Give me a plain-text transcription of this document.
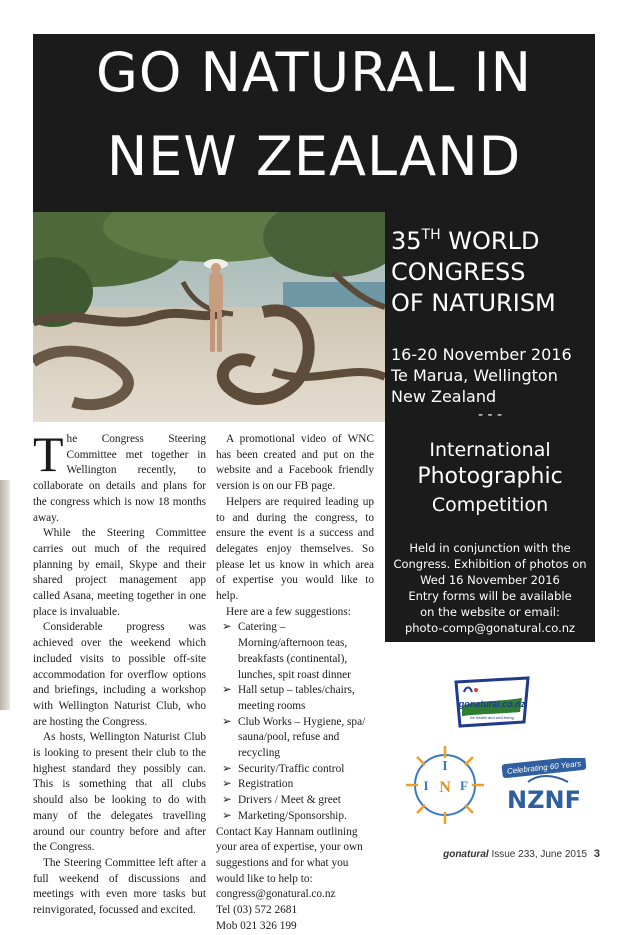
GO NATURAL IN
NEW ZEALAND
35TH WORLD
CONGRESS
OF NATURISM
16-20 November 2016
Te Marua, Wellington
New Zealand
- - -
International
Photographic
Competition
Held in conjunction with the
Congress. Exhibition of photos on
Wed 16 November 2016
Entry forms will be available
on the website or email:
photo-comp@gonatural.co.nz

The Congress Steering Committee met together in Wellington recently, to collaborate on details and plans for the congress which is now 18 months away.

While the Steering Committee carries out much of the required planning by email, Skype and their shared project management app called Asana, meeting together in one place is invaluable.

Considerable progress was achieved over the weekend which included visits to possible off-site accommodation for overflow options and briefings, including a workshop with Wellington Naturist Club, who are hosting the Congress.

As hosts, Wellington Naturist Club is looking to present their club to the highest standard they possibly can. This is something that all clubs should also be looking to do with many of the delegates travelling around our country before and after the Congress.

The Steering Committee left after a full weekend of discussions and meetings with even more tasks but reinvigorated, focussed and excited.

A promotional video of WNC has been created and put on the website and a Facebook friendly version is on our FB page.

Helpers are required leading up to and during the congress, to ensure the event is a success and delegates enjoy themselves. So please let us know in which area of expertise you would like to help.

Here are a few suggestions:

➢ Catering – Morning/afternoon teas, breakfasts (continental), lunches, spit roast dinner
➢ Hall setup – tables/chairs, meeting rooms
➢ Club Works – Hygiene, spa/ sauna/pool, refuse and recycling
➢ Security/Traffic control
➢ Registration
➢ Drivers / Meet & greet
➢ Marketing/Sponsorship.

Contact Kay Hannam outlining your area of expertise, your own suggestions and for what you would like to help to:

congress@gonatural.co.nz

Tel (03) 572 2681

Mob 021 326 199

gonatural.co.nz
for health and well-being
I
N F
I
Celebrating 60 Years
NZNF
gonatural Issue 233, June 2015 3
